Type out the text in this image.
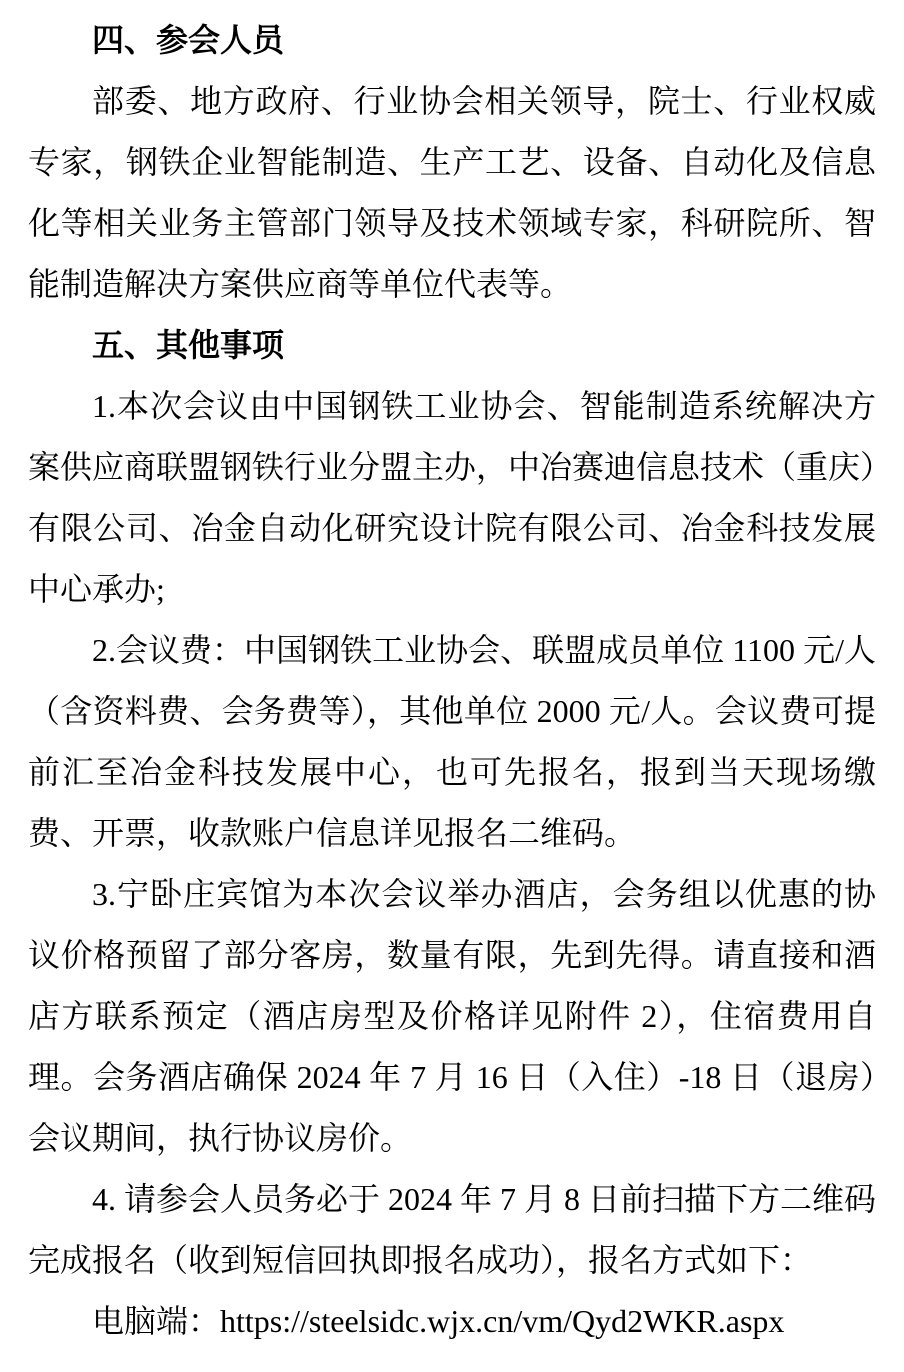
四、参会人员

部委、地方政府、行业协会相关领导，院士、行业权威专家，钢铁企业智能制造、生产工艺、设备、自动化及信息化等相关业务主管部门领导及技术领域专家，科研院所、智能制造解决方案供应商等单位代表等。

五、其他事项

1.本次会议由中国钢铁工业协会、智能制造系统解决方案供应商联盟钢铁行业分盟主办，中冶赛迪信息技术（重庆）有限公司、冶金自动化研究设计院有限公司、冶金科技发展中心承办;

2.会议费：中国钢铁工业协会、联盟成员单位 1100 元/人（含资料费、会务费等），其他单位 2000 元/人。会议费可提前汇至冶金科技发展中心，也可先报名，报到当天现场缴费、开票，收款账户信息详见报名二维码。

3.宁卧庄宾馆为本次会议举办酒店，会务组以优惠的协议价格预留了部分客房，数量有限，先到先得。请直接和酒店方联系预定（酒店房型及价格详见附件 2），住宿费用自理。会务酒店确保 2024 年 7 月 16 日（入住）-18 日（退房）会议期间，执行协议房价。

4. 请参会人员务必于 2024 年 7 月 8 日前扫描下方二维码完成报名（收到短信回执即报名成功），报名方式如下：

电脑端：https://steelsidc.wjx.cn/vm/Qyd2WKR.aspx
